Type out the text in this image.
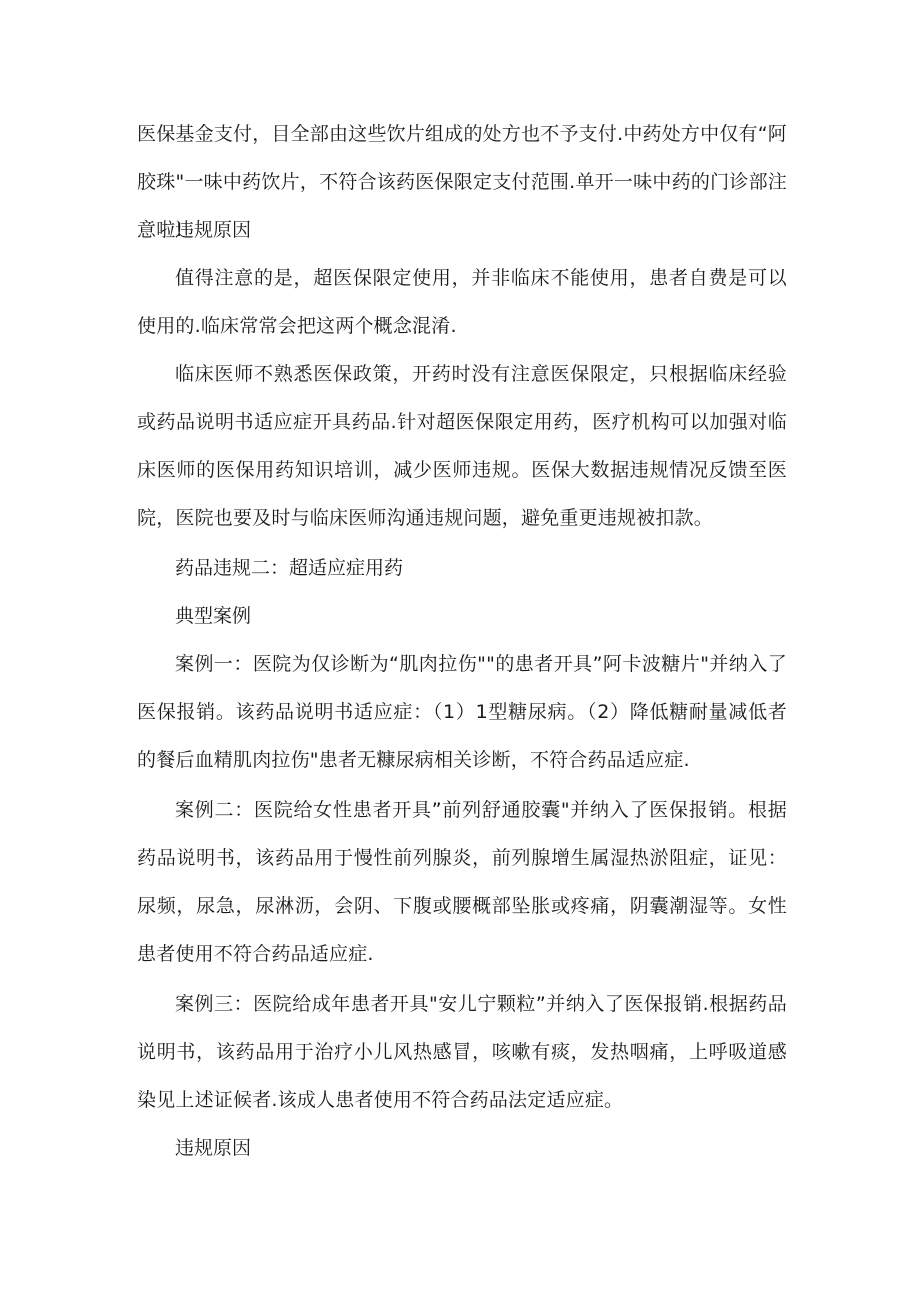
医保基金支付，目全部由这些饮片组成的处方也不予支付.中药处方中仅有“阿胶珠"一味中药饮片，不符合该药医保限定支付范围.单开一味中药的门诊部注意啦!

违规原因

值得注意的是，超医保限定使用，并非临床不能使用，患者自费是可以使用的.临床常常会把这两个概念混淆.

临床医师不熟悉医保政策，开药时没有注意医保限定，只根据临床经验或药品说明书适应症开具药品.针对超医保限定用药，医疗机构可以加强对临床医师的医保用药知识培训，减少医师违规。医保大数据违规情况反馈至医院，医院也要及时与临床医师沟通违规问题，避免重更违规被扣款。

药品违规二：超适应症用药

典型案例

案例一：医院为仅诊断为“肌肉拉伤""的患者开具”阿卡波糖片"并纳入了医保报销。该药品说明书适应症：（1）1型糖尿病。（2）降低糖耐量减低者的餐后血精肌肉拉伤"患者无糠尿病相关诊断，不符合药品适应症.

案例二：医院给女性患者开具”前列舒通胶囊"并纳入了医保报销。根据药品说明书，该药品用于慢性前列腺炎，前列腺增生属湿热淤阻症，证见：尿频，尿急，尿淋沥，会阴、下腹或腰概部坠胀或疼痛，阴囊潮湿等。女性患者使用不符合药品适应症.

案例三：医院给成年患者开具"安儿宁颗粒”并纳入了医保报销.根据药品说明书，该药品用于治疗小儿风热感冒，咳嗽有痰，发热咽痛，上呼吸道感染见上述证候者.该成人患者使用不符合药品法定适应症。

违规原因
